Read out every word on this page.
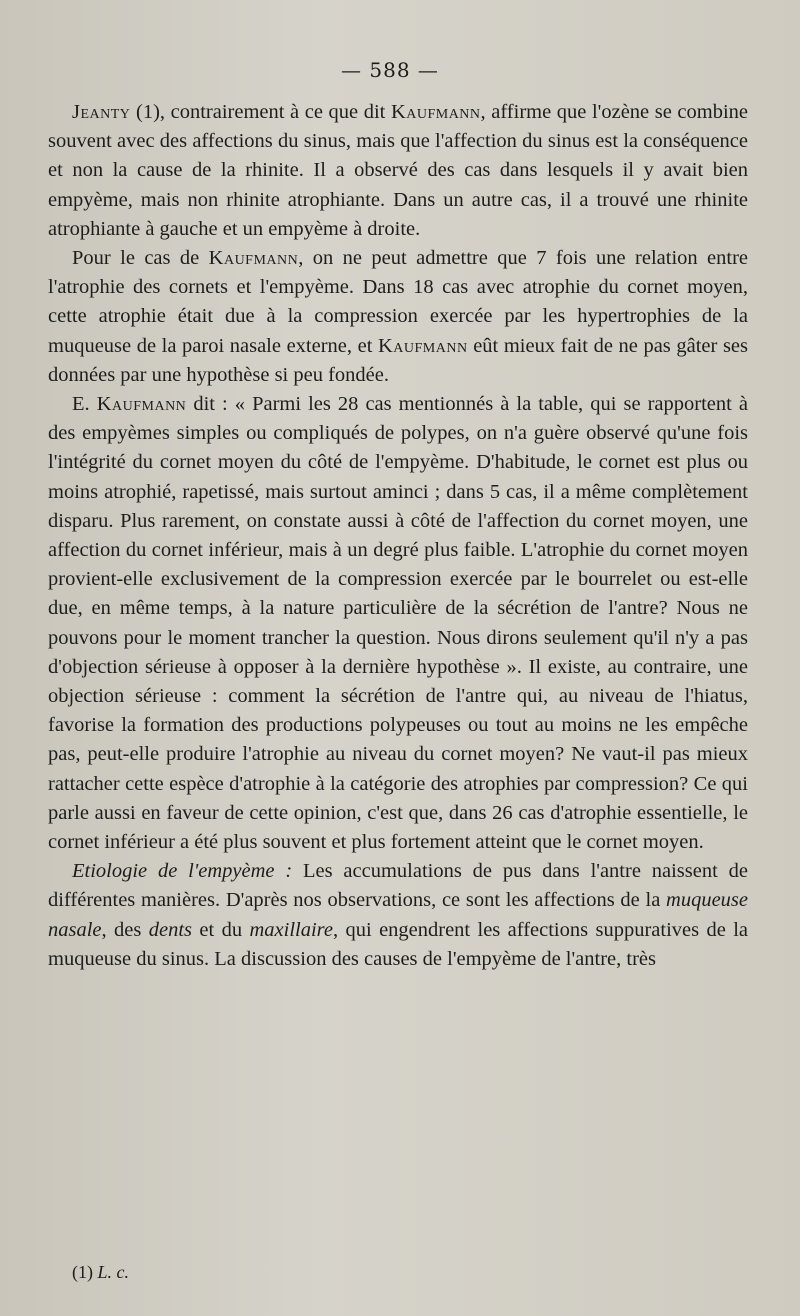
— 588 —

Jeanty (1), contrairement à ce que dit Kaufmann, affirme que l'ozène se combine souvent avec des affections du sinus, mais que l'affection du sinus est la conséquence et non la cause de la rhinite. Il a observé des cas dans lesquels il y avait bien empyème, mais non rhinite atrophiante. Dans un autre cas, il a trouvé une rhinite atrophiante à gauche et un empyème à droite.

Pour le cas de Kaufmann, on ne peut admettre que 7 fois une relation entre l'atrophie des cornets et l'empyème. Dans 18 cas avec atrophie du cornet moyen, cette atrophie était due à la compression exercée par les hypertrophies de la muqueuse de la paroi nasale externe, et Kaufmann eût mieux fait de ne pas gâter ses données par une hypothèse si peu fondée.

E. Kaufmann dit : « Parmi les 28 cas mentionnés à la table, qui se rapportent à des empyèmes simples ou compliqués de polypes, on n'a guère observé qu'une fois l'intégrité du cornet moyen du côté de l'empyème. D'habitude, le cornet est plus ou moins atrophié, rapetissé, mais surtout aminci ; dans 5 cas, il a même complètement disparu. Plus rarement, on constate aussi à côté de l'affection du cornet moyen, une affection du cornet inférieur, mais à un degré plus faible. L'atrophie du cornet moyen provient-elle exclusivement de la compression exercée par le bourrelet ou est-elle due, en même temps, à la nature particulière de la sécrétion de l'antre? Nous ne pouvons pour le moment trancher la question. Nous dirons seulement qu'il n'y a pas d'objection sérieuse à opposer à la dernière hypothèse ». Il existe, au contraire, une objection sérieuse : comment la sécrétion de l'antre qui, au niveau de l'hiatus, favorise la formation des productions polypeuses ou tout au moins ne les empêche pas, peut-elle produire l'atrophie au niveau du cornet moyen? Ne vaut-il pas mieux rattacher cette espèce d'atrophie à la catégorie des atrophies par compression? Ce qui parle aussi en faveur de cette opinion, c'est que, dans 26 cas d'atrophie essentielle, le cornet inférieur a été plus souvent et plus fortement atteint que le cornet moyen.

Etiologie de l'empyème : Les accumulations de pus dans l'antre naissent de différentes manières. D'après nos observations, ce sont les affections de la muqueuse nasale, des dents et du maxillaire, qui engendrent les affections suppuratives de la muqueuse du sinus. La discussion des causes de l'empyème de l'antre, très

(1) L. c.
